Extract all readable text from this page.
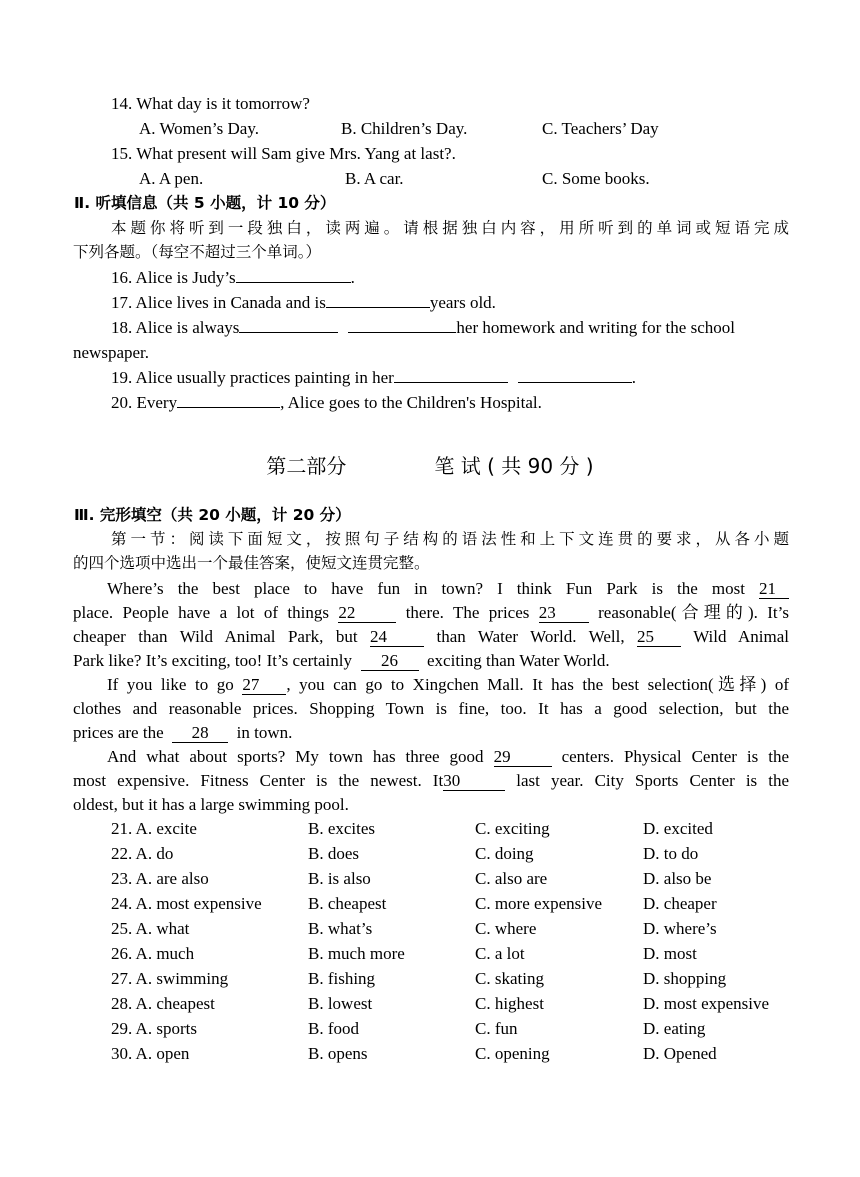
14. What day is it tomorrow?
A. Women’s Day.	B. Children’s Day.	C. Teachers’ Day
15. What present will Sam give Mrs. Yang at last?.
A. A pen.	B. A car.	C. Some books.
Ⅱ. 听填信息（共 5 小题，计 10 分）
本题你将听到一段独白，读两遍。请根据独白内容，用所听到的单词或短语完成
下列各题。（每空不超过三个单词。）
16. Alice is Judy’s	.
17. Alice lives in Canada and is	years old.
18. Alice is always	her homework and writing for the school
newspaper.
19. Alice usually practices painting in her	.
20. Every	, Alice goes to the Children's Hospital.
第二部分	笔 试 ( 共 90 分 )
Ⅲ. 完形填空（共 20 小题，计 20 分）
第一节：阅读下面短文，按照句子结构的语法性和上下文连贯的要求，从各小题
的四个选项中选出一个最佳答案，使短文连贯完整。
Where’s the best place to have fun in town? I think Fun Park is the most 21
place. People have a lot of things 22	there. The prices 23 reasonable(合理的). It’s
cheaper than Wild Animal Park, but 24	than Water World. Well, 25 Wild Animal
Park like? It’s exciting, too! It’s certainly 26 exciting than Water World.
If you like to go 27 , you can go to Xingchen Mall. It has the best selection(选择) of
clothes and reasonable prices. Shopping Town is fine, too. It has a good selection, but the
prices are the 28 in town.
And what about sports? My town has three good 29	centers. Physical Center is the
most expensive. Fitness Center is the newest. It30	last year. City Sports Center is the
oldest, but it has a large swimming pool.
21. A. excite	B. excites	C. exciting	D. excited
22. A. do	B. does	C. doing	D. to do
23. A. are also	B. is also	C. also are	D. also be
24. A. most expensive	B. cheapest	C. more expensive D. cheaper
25. A. what	B. what’s	C. where	D. where’s
26. A. much	B. much more	C. a lot	D. most
27. A. swimming	B. fishing	C. skating	D. shopping
28. A. cheapest	B. lowest	C. highest	D. most expensive
29. A. sports	B. food	C. fun	D. eating
30. A. open	B. opens	C. opening	D. Opened
